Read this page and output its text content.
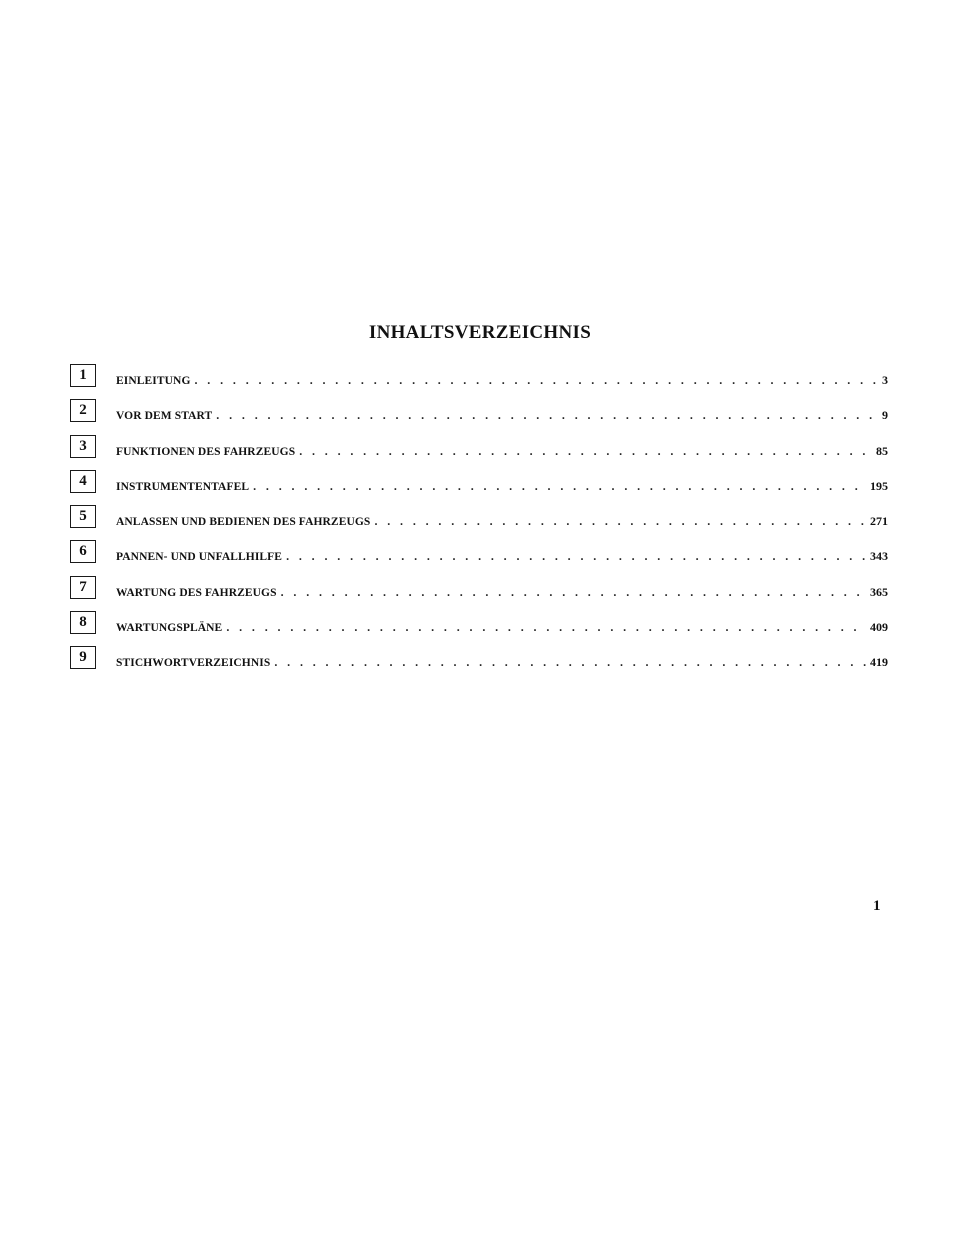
INHALTSVERZEICHNIS
1	EINLEITUNG . . .	3
2	VOR DEM START . . .	9
3	FUNKTIONEN DES FAHRZEUGS . . .	85
4	INSTRUMENTENTAFEL . . .	195
5	ANLASSEN UND BEDIENEN DES FAHRZEUGS . . .	271
6	PANNEN- UND UNFALLHILFE . . .	343
7	WARTUNG DES FAHRZEUGS . . .	365
8	WARTUNGSPLÄNE . . .	409
9	STICHWORTVERZEICHNIS . . .	419
1
